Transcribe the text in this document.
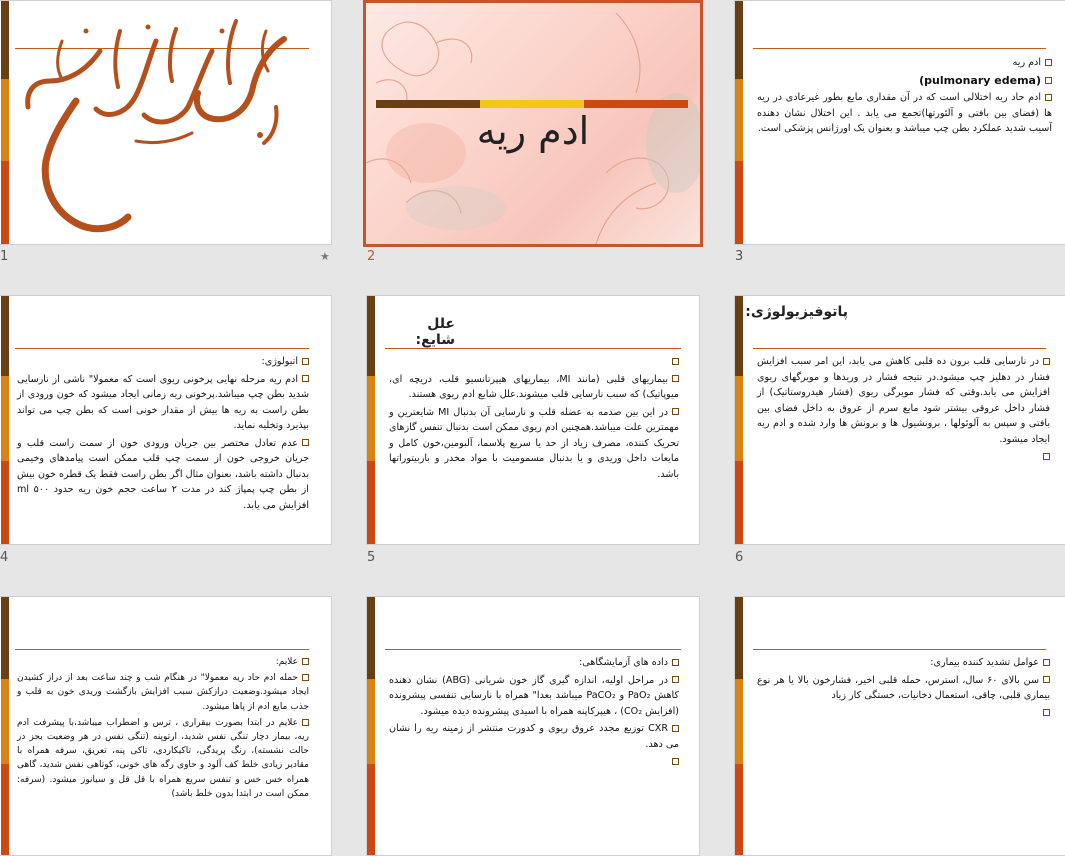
1	★
ادم ریه
2

ادم ریه

(pulmonary edema)

ادم حاد ریه اختلالی است که در آن مقداری مایع بطور غیرعادی در ریه ها (فضای بین بافتی و آلئورتها)تجمع می یابد . این اختلال نشان دهنده آسیب شدید عملکرد بطن چپ میباشد و بعنوان یک اورژانس پزشکی است.

3

اتیولوژی:

ادم ریه مرحله نهایی پرخونی ریوی است که معمولا" ناشی از نارسایی شدید بطن چپ میباشد.پرخونی ریه زمانی ایجاد میشود که خون ورودی از بطن راست به ریه ها بیش از مقدار خونی است که بطن چپ می تواند بپذیرد وتخلیه نماید.

عدم تعادل مختصر بین جریان ورودی خون از سمت راست قلب و جریان خروجی خون از سمت چپ قلب ممکن است پیامدهای وخیمی بدنبال داشته باشد، بعنوان مثال اگر بطن راست فقط یک قطره خون بیش از بطن چپ پمپاژ کند در مدت ۲ ساعت حجم خون ریه حدود ۵۰۰ ml افزایش می یابد.

4
علل شایع:

بیماریهای قلبی (مانند MI، بیماریهای هیپرتانسیو قلب، دریچه ای، میوپاتیک) که سبب نارسایی قلب میشوند.علل شایع ادم ریوی هستند.

در این بین صدمه به عضله قلب و نارسایی آن بدنبال MI شایعترین و مهمترین علت میباشد.همچنین ادم ریوی ممکن است بدنبال تنفس گازهای تحریک کننده، مصرف زیاد از حد یا سریع پلاسما، آلبومین،خون کامل و مایعات داخل وریدی و یا بدنبال مسمومیت با مواد مخدر و باربیتوراتها باشد.

5
پاتوفیزیولوژی:

در نارسایی قلب برون ده قلبی کاهش می یابد، این امر سبب افزایش فشار در دهلیز چپ میشود.در نتیجه فشار در وریدها و مویرگهای ریوی افزایش می یابد.وقتی که فشار مویرگی ریوی (فشار هیدروستاتیک) از فشار داخل عروقی بیشتر شود مایع سرم از عروق به داخل فضای بین بافتی و سپس به آلوئولها ، برونشیول ها و برونش ها وارد شده و ادم ریه ایجاد میشود.

6

علایم:

حمله ادم حاد ریه معمولا" در هنگام شب و چند ساعت بعد از دراز کشیدن ایجاد میشود.وضعیت درازکش سبب افزایش بازگشت وریدی خون به قلب و جذب مایع ادم از پاها میشود.

علایم در ابتدا بصورت بیقراری ، ترس و اضطراب میباشد،با پیشرفت ادم ریه، بیمار دچار تنگی نفس شدید، ارتوپنه (تنگی نفس در هر وضعیت بجز در حالت نشسته)، رنگ پریدگی، تاکیکاردی، تاکی پنه، تعریق، سرفه همراه با مقادیر زیادی خلط کف آلود و حاوی رگه های خونی، کوتاهی نفس شدید، گاهی همراه خس خس و تنفس سریع همراه با قل قل و سیانوز میشود. (سرفه: ممکن است در ابتدا بدون خلط باشد)

داده های آزمایشگاهی:

در مراحل اولیه، اندازه گیری گاز خون شریانی (ABG) نشان دهنده کاهش PaO₂ و PaCO₂ میباشد بعدا" همراه با نارسایی تنفسی پیشرونده (افزایش CO₂) ، هیپرکاپنه همراه با اسیدی پیشرونده دیده میشود.

CXR توزیع مجدد عروق ریوی و کدورت منتشر از زمینه ریه را نشان می دهد.

عوامل تشدید کننده بیماری:

سن بالای ۶۰ سال، استرس، حمله قلبی اخیر، فشارخون بالا یا هر نوع بیماری قلبی، چاقی، استعمال دخانیات، خستگی کار زیاد
